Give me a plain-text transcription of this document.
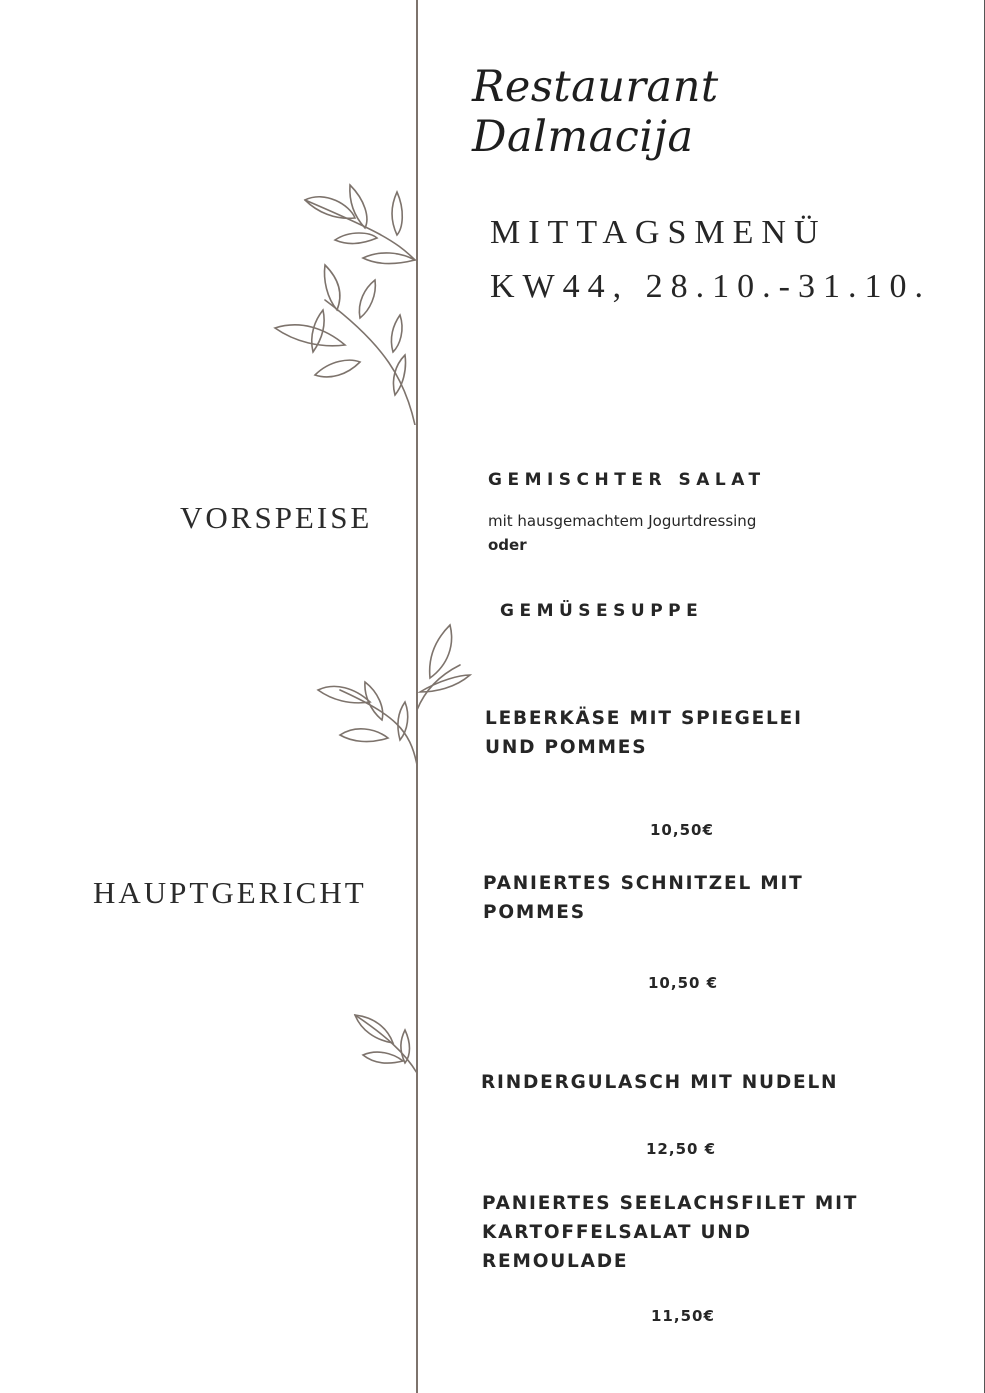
Restaurant Dalmacija
MITTAGSMENÜ
KW44, 28.10.-31.10.
VORSPEISE
HAUPTGERICHT
GEMISCHTER SALAT
mit hausgemachtem Jogurtdressing
oder
GEMÜSESUPPE
LEBERKÄSE MIT SPIEGELEI
UND POMMES
10,50€
PANIERTES SCHNITZEL MIT
POMMES
10,50 €
RINDERGULASCH MIT NUDELN
12,50 €
PANIERTES SEELACHSFILET MIT
KARTOFFELSALAT UND
REMOULADE
11,50€
